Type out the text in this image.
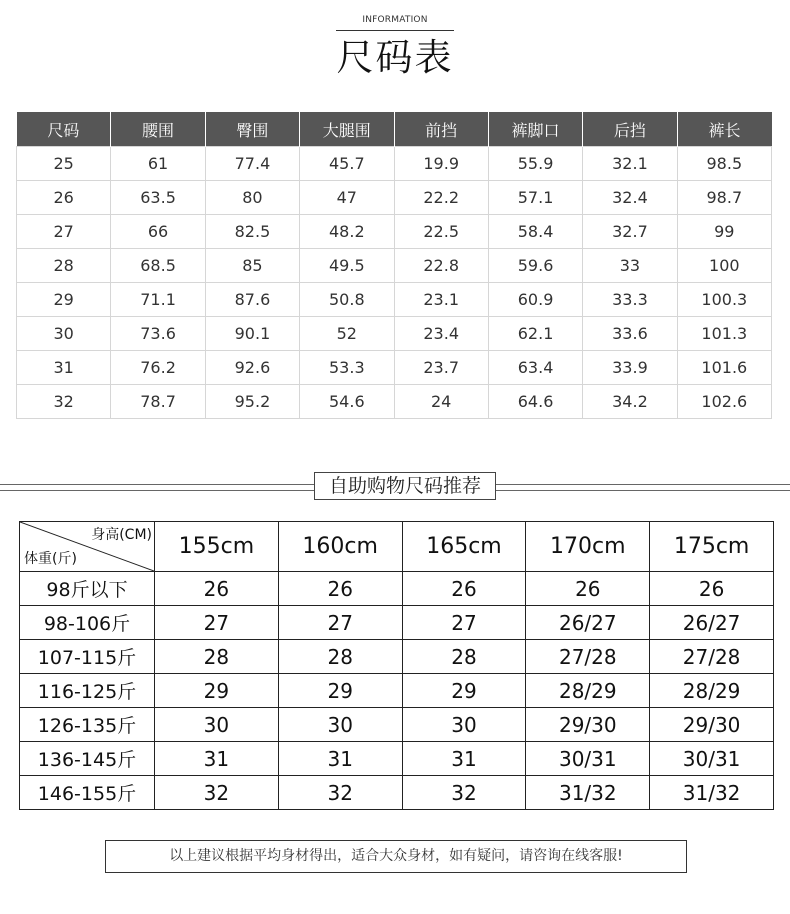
INFORMATION
尺码表
尺码	腰围	臀围	大腿围	前挡	裤脚口	后挡	裤长
25	61	77.4	45.7	19.9	55.9	32.1	98.5
26	63.5	80	47	22.2	57.1	32.4	98.7
27	66	82.5	48.2	22.5	58.4	32.7	99
28	68.5	85	49.5	22.8	59.6	33	100
29	71.1	87.6	50.8	23.1	60.9	33.3	100.3
30	73.6	90.1	52	23.4	62.1	33.6	101.3
31	76.2	92.6	53.3	23.7	63.4	33.9	101.6
32	78.7	95.2	54.6	24	64.6	34.2	102.6
自助购物尺码推荐
身高(CM)
体重(斤)	155cm	160cm	165cm	170cm	175cm
98斤以下	26	26	26	26	26
98-106斤	27	27	27	26/27	26/27
107-115斤	28	28	28	27/28	27/28
116-125斤	29	29	29	28/29	28/29
126-135斤	30	30	30	29/30	29/30
136-145斤	31	31	31	30/31	30/31
146-155斤	32	32	32	31/32	31/32
以上建议根据平均身材得出，适合大众身材，如有疑问，请咨询在线客服!
